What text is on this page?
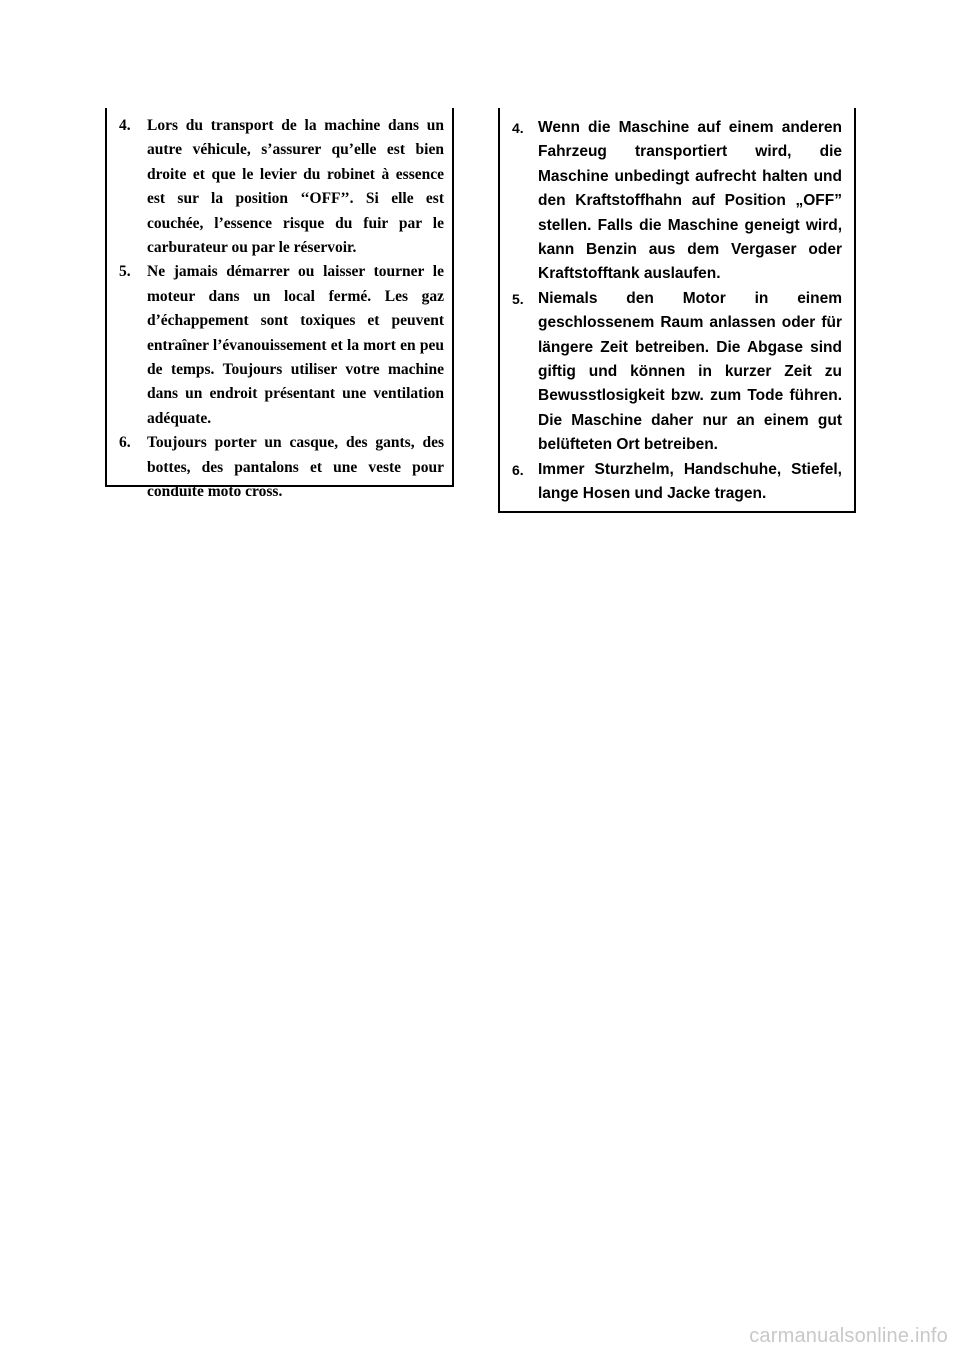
4. Lors du transport de la machine dans un autre véhicule, s’assurer qu’elle est bien droite et que le levier du robinet à essence est sur la position ‘‘OFF’’. Si elle est couchée, l’essence risque du fuir par le carburateur ou par le réservoir.
5. Ne jamais démarrer ou laisser tourner le moteur dans un local fermé. Les gaz d’échappement sont toxiques et peuvent entraîner l’évanouissement et la mort en peu de temps. Toujours utiliser votre machine dans un endroit présentant une ventilation adéquate.
6. Toujours porter un casque, des gants, des bottes, des pantalons et une veste pour conduite moto cross.
4. Wenn die Maschine auf einem anderen Fahrzeug transportiert wird, die Maschine unbedingt aufrecht halten und den Kraftstoffhahn auf Position „OFF” stellen. Falls die Maschine geneigt wird, kann Benzin aus dem Vergaser oder Kraftstofftank auslaufen.
5. Niemals den Motor in einem geschlossenem Raum anlassen oder für längere Zeit betreiben. Die Abgase sind giftig und können in kurzer Zeit zu Bewusstlosigkeit bzw. zum Tode führen. Die Maschine daher nur an einem gut belüfteten Ort betreiben.
6. Immer Sturzhelm, Handschuhe, Stiefel, lange Hosen und Jacke tragen.
carmanualsonline.info
